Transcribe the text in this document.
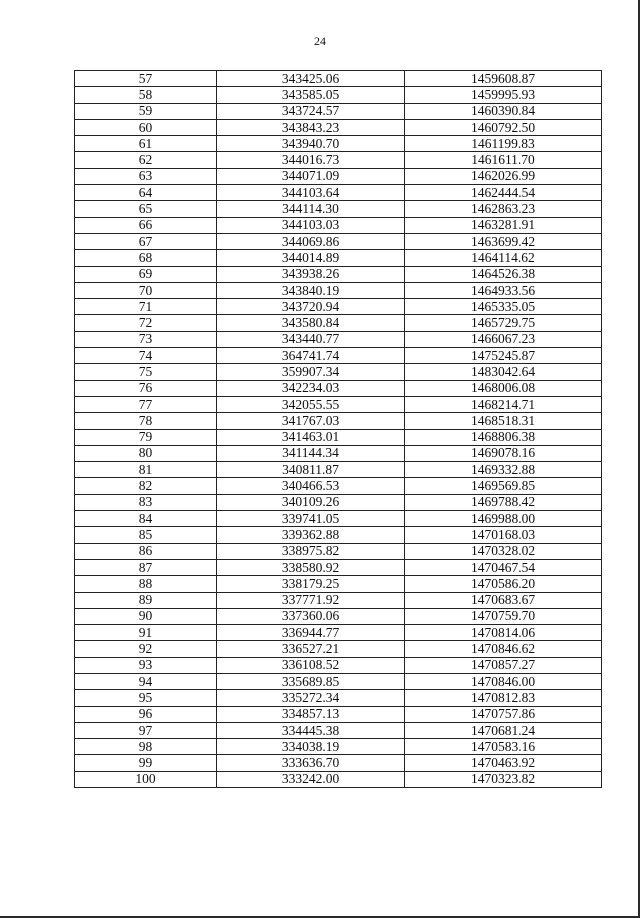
24
57	343425.06	1459608.87
58	343585.05	1459995.93
59	343724.57	1460390.84
60	343843.23	1460792.50
61	343940.70	1461199.83
62	344016.73	1461611.70
63	344071.09	1462026.99
64	344103.64	1462444.54
65	344114.30	1462863.23
66	344103.03	1463281.91
67	344069.86	1463699.42
68	344014.89	1464114.62
69	343938.26	1464526.38
70	343840.19	1464933.56
71	343720.94	1465335.05
72	343580.84	1465729.75
73	343440.77	1466067.23
74	364741.74	1475245.87
75	359907.34	1483042.64
76	342234.03	1468006.08
77	342055.55	1468214.71
78	341767.03	1468518.31
79	341463.01	1468806.38
80	341144.34	1469078.16
81	340811.87	1469332.88
82	340466.53	1469569.85
83	340109.26	1469788.42
84	339741.05	1469988.00
85	339362.88	1470168.03
86	338975.82	1470328.02
87	338580.92	1470467.54
88	338179.25	1470586.20
89	337771.92	1470683.67
90	337360.06	1470759.70
91	336944.77	1470814.06
92	336527.21	1470846.62
93	336108.52	1470857.27
94	335689.85	1470846.00
95	335272.34	1470812.83
96	334857.13	1470757.86
97	334445.38	1470681.24
98	334038.19	1470583.16
99	333636.70	1470463.92
100	333242.00	1470323.82
